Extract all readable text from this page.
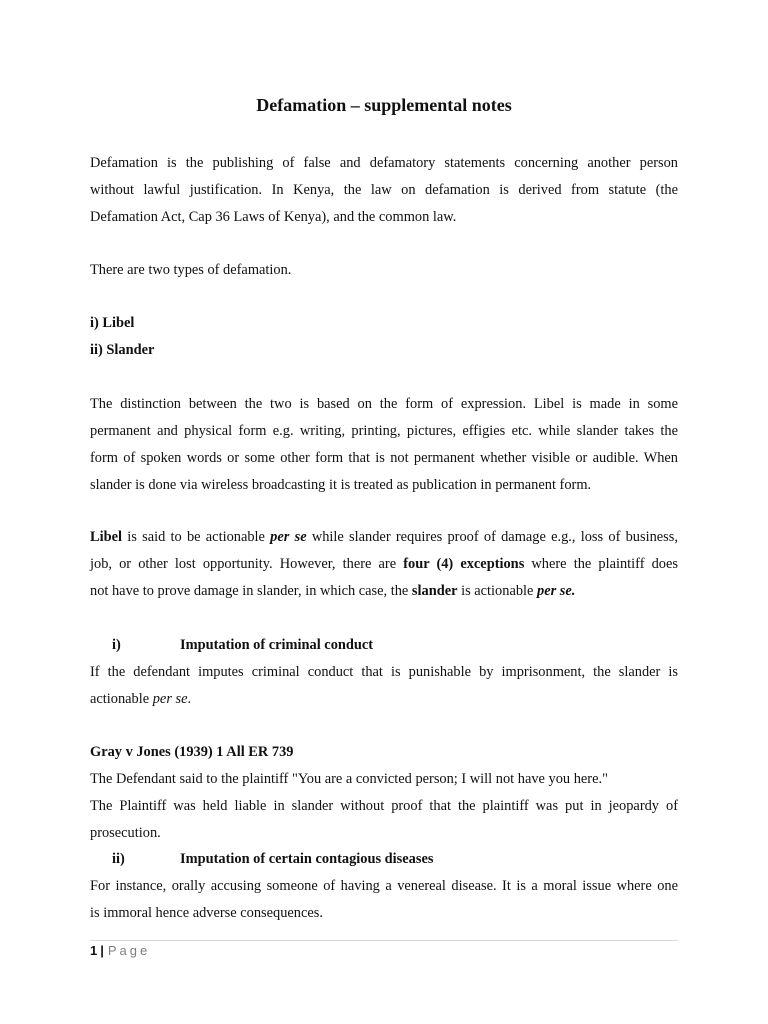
Defamation – supplemental notes
Defamation is the publishing of false and defamatory statements concerning another person
without lawful justification. In Kenya, the law on defamation is derived from statute (the
Defamation Act, Cap 36 Laws of Kenya), and the common law.
There are two types of defamation.
i) Libel
ii) Slander
The distinction between the two is based on the form of expression. Libel is made in some
permanent and physical form e.g. writing, printing, pictures, effigies etc. while slander takes the
form of spoken words or some other form that is not permanent whether visible or audible. When
slander is done via wireless broadcasting it is treated as publication in permanent form.
Libel is said to be actionable per se while slander requires proof of damage e.g., loss of business,
job, or other lost opportunity. However, there are four (4) exceptions where the plaintiff does
not have to prove damage in slander, in which case, the slander is actionable per se.
i)	Imputation of criminal conduct
If the defendant imputes criminal conduct that is punishable by imprisonment, the slander is
actionable per se.
Gray v Jones (1939) 1 All ER 739
The Defendant said to the plaintiff "You are a convicted person; I will not have you here."
The Plaintiff was held liable in slander without proof that the plaintiff was put in jeopardy of
prosecution.
ii)	Imputation of certain contagious diseases
For instance, orally accusing someone of having a venereal disease. It is a moral issue where one
is immoral hence adverse consequences.
1 | Page
